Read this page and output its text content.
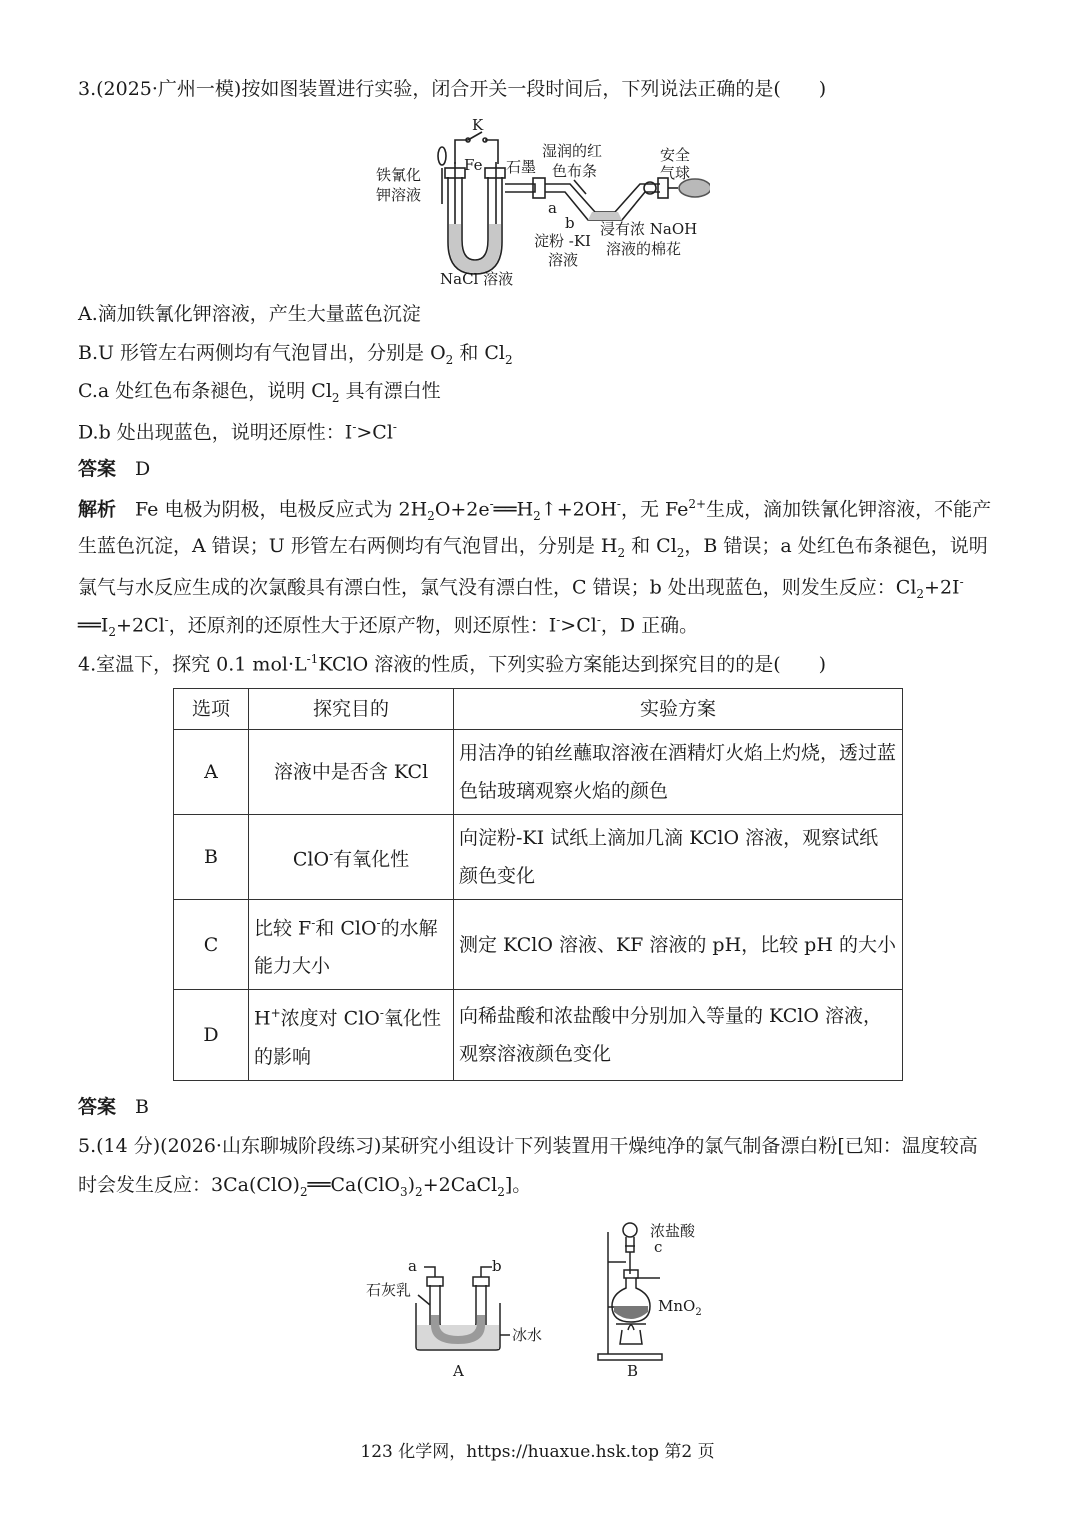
3.(2025·广州一模)按如图装置进行实验，闭合开关一段时间后，下列说法正确的是(　　)
K
Fe 石墨
铁氰化
钾溶液
NaCl 溶液
湿润的红
色布条
安全
气球
a
b
淀粉 -KI
溶液
浸有浓 NaOH
溶液的棉花
A.滴加铁氰化钾溶液，产生大量蓝色沉淀
B.U 形管左右两侧均有气泡冒出，分别是 $O_2$ 和 $Cl_2$
C.a 处红色布条褪色，说明 $Cl_2$ 具有漂白性
D.b 处出现蓝色，说明还原性：I->Cl-
答案　 D
解析　 Fe 电极为阴极，电极反应式为 $2H_2O+2e^-══H_2↑+2OH^-$，无 $Fe^{2+}$生成，滴加铁氰化钾溶液，不能产
生蓝色沉淀，A 错误；U 形管左右两侧均有气泡冒出，分别是 $H_2$ 和 $Cl_2$，B 错误；a 处红色布条褪色，说明
氯气与水反应生成的次氯酸具有漂白性，氯气没有漂白性，C 错误；b 处出现蓝色，则发生反应：$Cl_2+2I^-$
$══I_2+2Cl^-$，还原剂的还原性大于还原产物，则还原性：I->Cl-，D 正确。
4.室温下，探究 0.1 $mol\cdot L^{-1}KClO$ 溶液的性质，下列实验方案能达到探究目的的是(　　)
选项	探究目的	实验方案
A	溶液中是否含 KCl	用洁净的铂丝蘸取溶液在酒精灯火焰上灼烧，透过蓝色钴玻璃观察火焰的颜色
B	ClO-有氧化性	向淀粉-KI 试纸上滴加几滴 KClO 溶液，观察试纸颜色变化
C	比较 F-和 ClO-的水解能力大小	测定 KClO 溶液、KF 溶液的 pH，比较 pH 的大小
D	H+浓度对 ClO-氧化性的影响	向稀盐酸和浓盐酸中分别加入等量的 KClO 溶液，观察溶液颜色变化
答案　 B
5.(14 分)(2026·山东聊城阶段练习)某研究小组设计下列装置用干燥纯净的氯气制备漂白粉[已知：温度较高
时会发生反应：$3Ca(ClO)_2══Ca(ClO_3)_2+2CaCl_2$]。
a	b
石灰乳
冰水
A
浓盐酸
c
MnO$_2$
B
123 化学网，https://huaxue.hsk.top 第2 页
